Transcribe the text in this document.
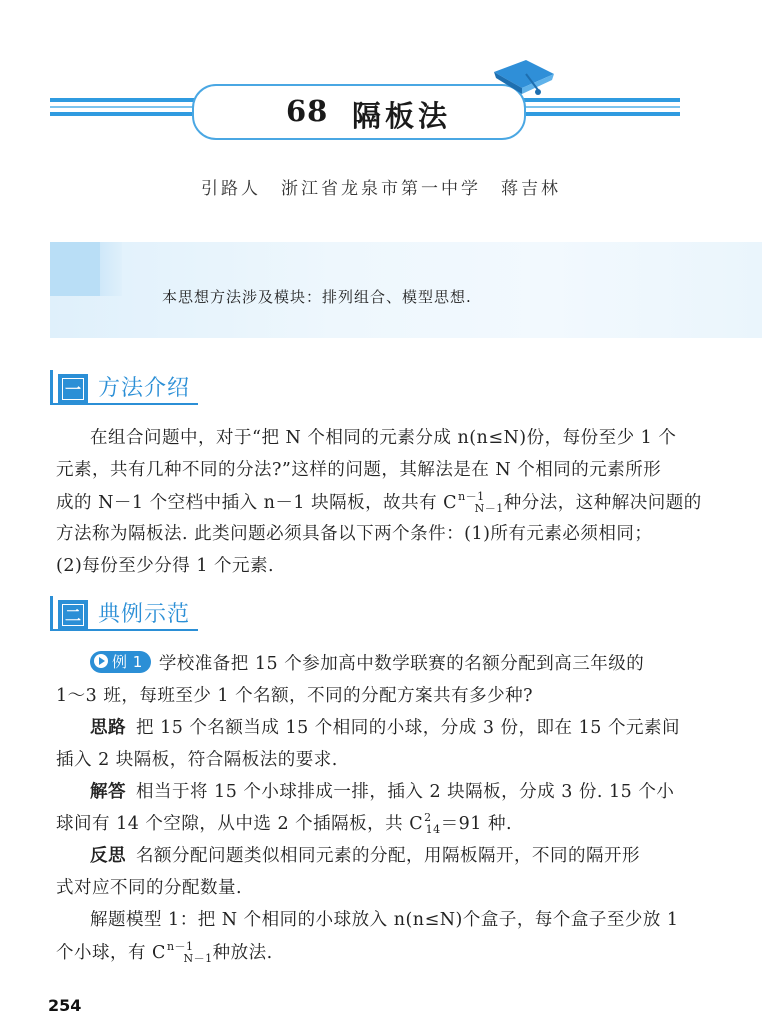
68 隔板法
引路人　浙江省龙泉市第一中学　蒋吉林
本思想方法涉及模块：排列组合、模型思想.
一 方法介绍
在组合问题中，对于“把 N 个相同的元素分成 n(n≤N)份，每份至少 1 个
元素，共有几种不同的分法?”这样的问题，其解法是在 N 个相同的元素所形
成的 N－1 个空档中插入 n－1 块隔板，故共有 $C^{n-1}_{N-1}$种分法，这种解决问题的
方法称为隔板法. 此类问题必须具备以下两个条件：(1)所有元素必须相同；
(2)每份至少分得 1 个元素.
二 典例示范
例 1 学校准备把 15 个参加高中数学联赛的名额分配到高三年级的
1～3 班，每班至少 1 个名额，不同的分配方案共有多少种?
思路 把 15 个名额当成 15 个相同的小球，分成 3 份，即在 15 个元素间
插入 2 块隔板，符合隔板法的要求.
解答 相当于将 15 个小球排成一排，插入 2 块隔板，分成 3 份. 15 个小
球间有 14 个空隙，从中选 2 个插隔板，共 $C^2_{14}=91$ 种.
反思 名额分配问题类似相同元素的分配，用隔板隔开，不同的隔开形
式对应不同的分配数量.
解题模型 1：把 N 个相同的小球放入 n(n≤N)个盒子，每个盒子至少放 1
个小球，有 $C^{n-1}_{N-1}$种放法.
254
